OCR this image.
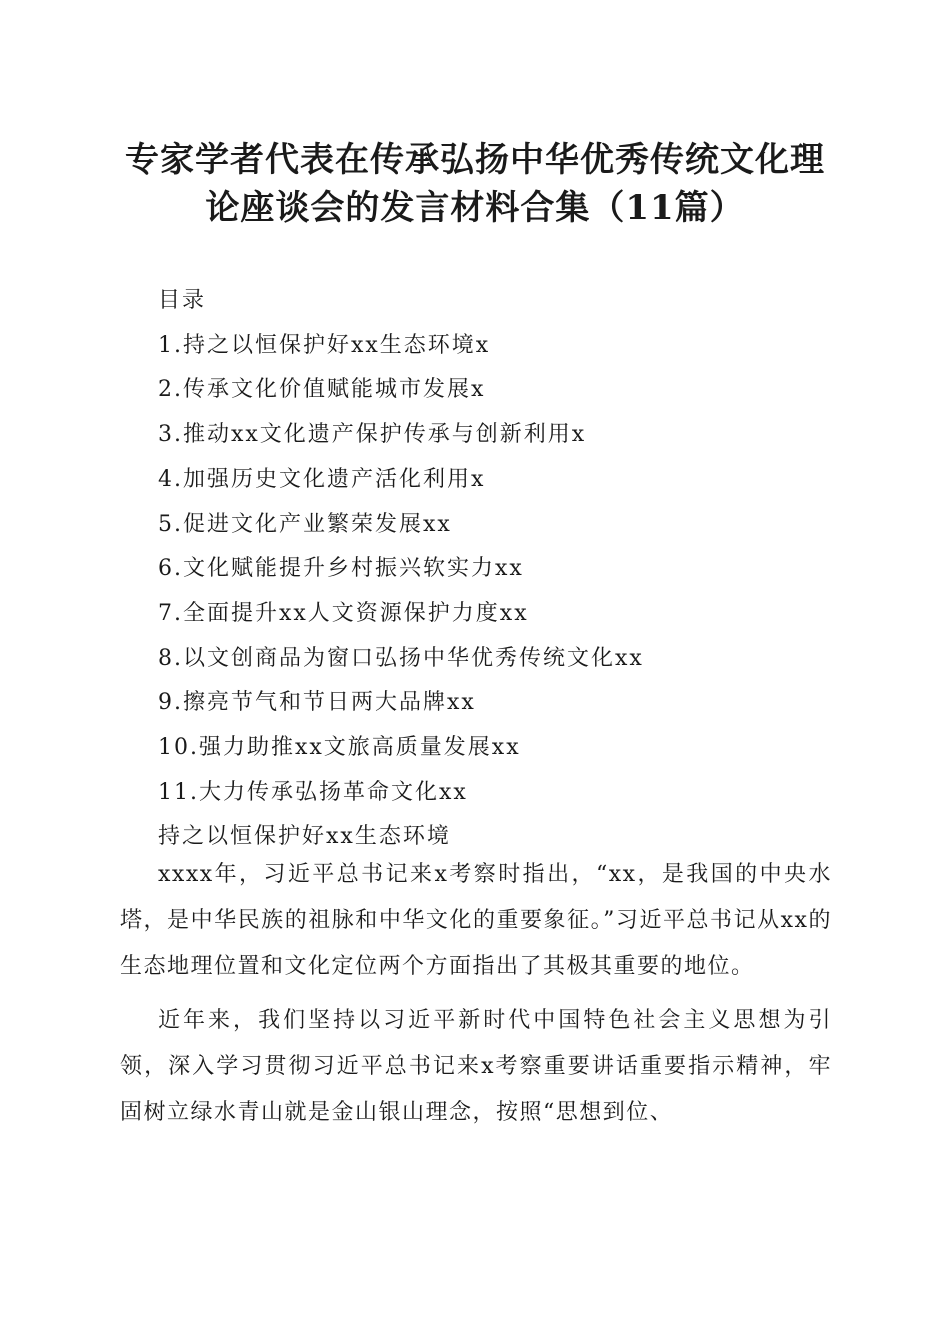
专家学者代表在传承弘扬中华优秀传统文化理
论座谈会的发言材料合集（11篇）
目录
1.持之以恒保护好xx生态环境x
2.传承文化价值赋能城市发展x
3.推动xx文化遗产保护传承与创新利用x
4.加强历史文化遗产活化利用x
5.促进文化产业繁荣发展xx
6.文化赋能提升乡村振兴软实力xx
7.全面提升xx人文资源保护力度xx
8.以文创商品为窗口弘扬中华优秀传统文化xx
9.擦亮节气和节日两大品牌xx
10.强力助推xx文旅高质量发展xx
11.大力传承弘扬革命文化xx
持之以恒保护好xx生态环境

xxxx年，习近平总书记来x考察时指出，“xx，是我国的中央水塔，是中华民族的祖脉和中华文化的重要象征。”习近平总书记从xx的生态地理位置和文化定位两个方面指出了其极其重要的地位。

近年来，我们坚持以习近平新时代中国特色社会主义思想为引领，深入学习贯彻习近平总书记来x考察重要讲话重要指示精神，牢固树立绿水青山就是金山银山理念，按照“思想到位、
